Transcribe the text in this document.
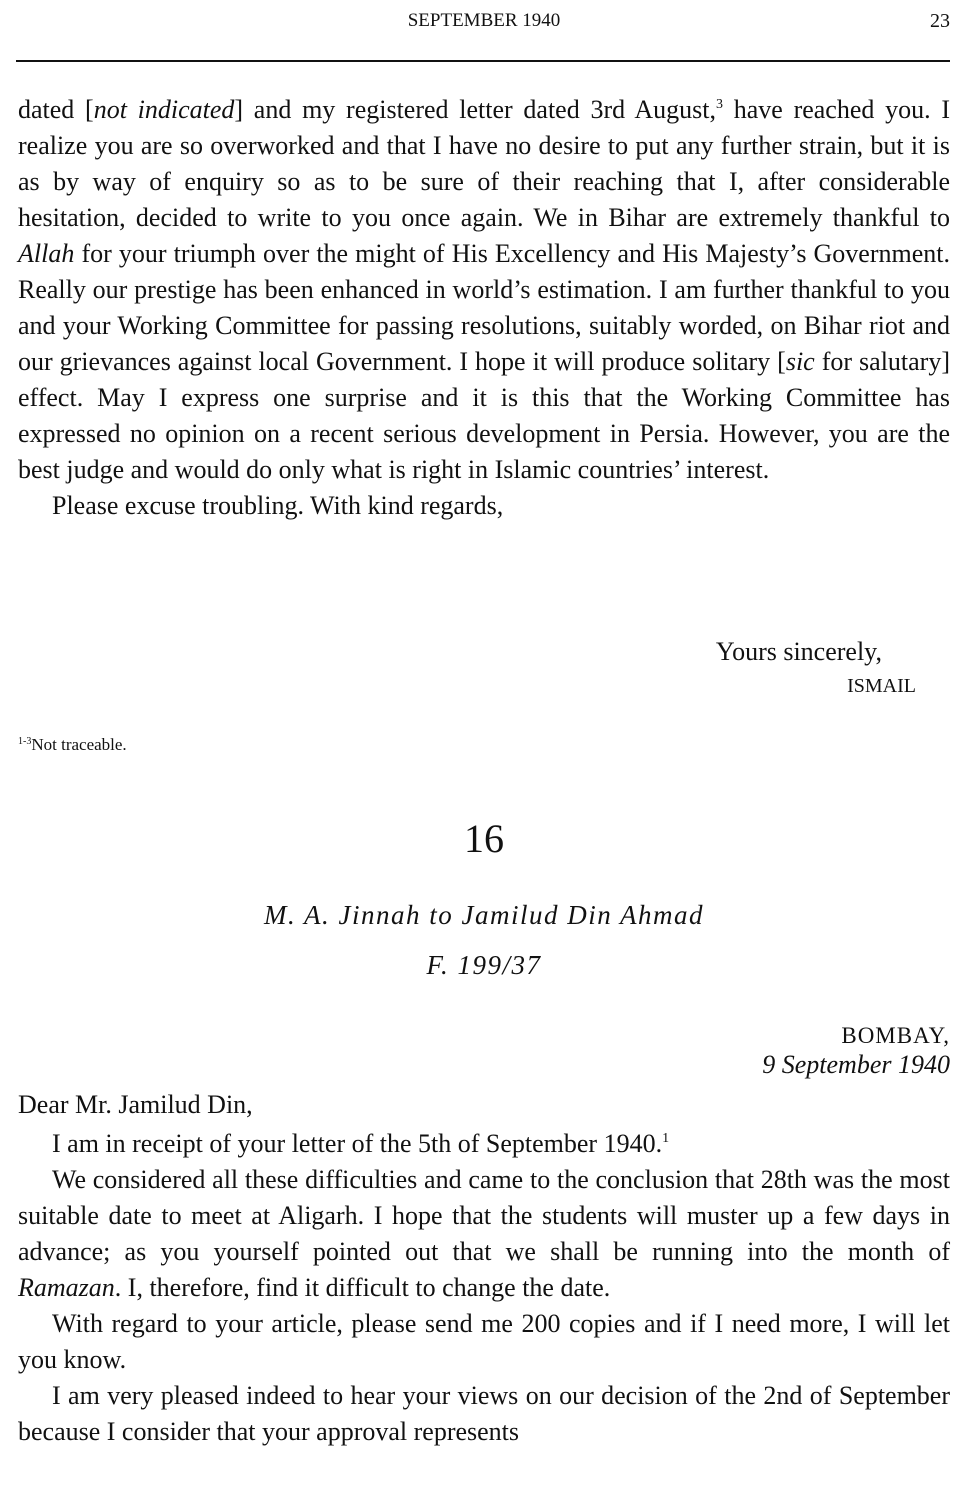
SEPTEMBER 1940	23

dated [not indicated] and my registered letter dated 3rd August,$^3$ have reached you. I realize you are so overworked and that I have no desire to put any further strain, but it is as by way of enquiry so as to be sure of their reaching that I, after considerable hesitation, decided to write to you once again. We in Bihar are extremely thankful to Allah for your triumph over the might of His Excellency and His Majesty’s Government. Really our prestige has been enhanced in world’s estimation. I am further thankful to you and your Working Committee for passing resolutions, suitably worded, on Bihar riot and our grievances against local Government. I hope it will produce solitary [sic for salutary] effect. May I express one surprise and it is this that the Working Committee has expressed no opinion on a recent serious development in Persia. However, you are the best judge and would do only what is right in Islamic countries’ interest.

Please excuse troubling. With kind regards,

Yours sincerely,
ISMAIL
$^{1-3}$Not traceable.
16
M. A. Jinnah to Jamilud Din Ahmad
F. 199/37
BOMBAY,
9 September 1940
Dear Mr. Jamilud Din,

I am in receipt of your letter of the 5th of September 1940.$^1$

We considered all these difficulties and came to the conclusion that 28th was the most suitable date to meet at Aligarh. I hope that the students will muster up a few days in advance; as you yourself pointed out that we shall be running into the month of Ramazan. I, therefore, find it difficult to change the date.

With regard to your article, please send me 200 copies and if I need more, I will let you know.

I am very pleased indeed to hear your views on our decision of the 2nd of September because I consider that your approval represents
